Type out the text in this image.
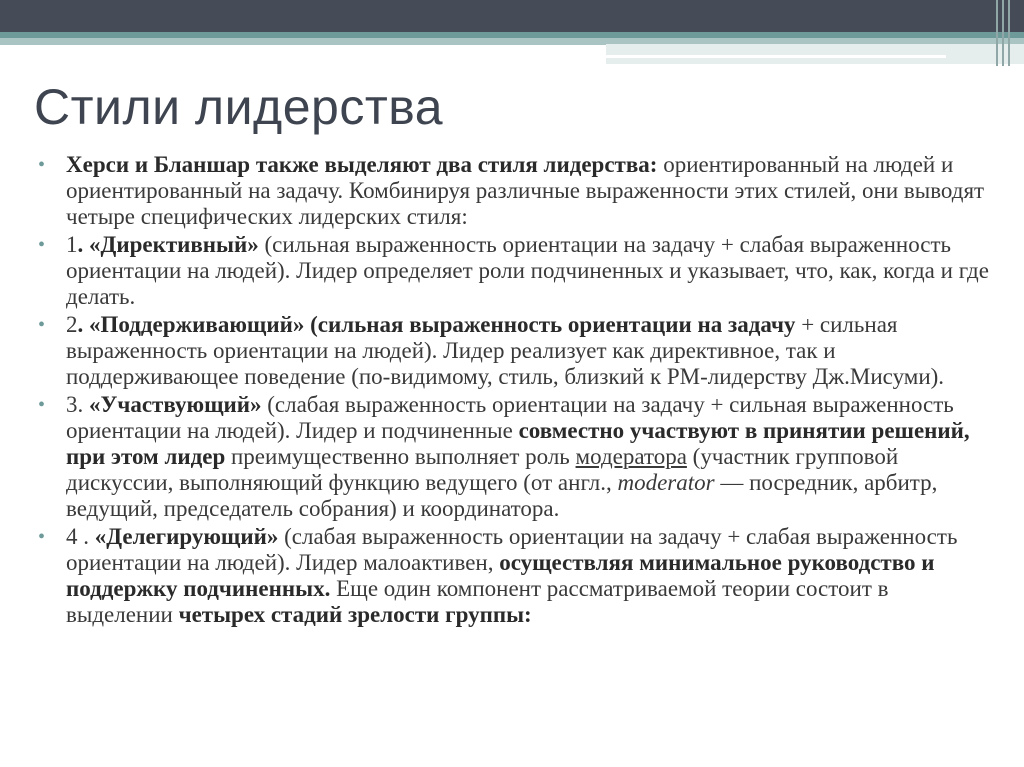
Стили лидерства
• Херси и Бланшар также выделяют два стиля лидерства: ориентированный на людей и ориентированный на задачу. Комбинируя различные выраженности этих стилей, они выводят четыре специфических лидерских стиля:
• 1. «Директивный» (сильная выраженность ориентации на задачу + слабая выраженность ориентации на людей). Лидер определяет роли подчиненных и указывает, что, как, когда и где делать.
• 2. «Поддерживающий» (сильная выраженность ориентации на задачу + сильная выраженность ориентации на людей). Лидер реализует как директивное, так и поддерживающее поведение (по-видимому, стиль, близкий к РМ-лидерству Дж.Мисуми).
• 3. «Участвующий» (слабая выраженность ориентации на задачу + сильная выраженность ориентации на людей). Лидер и подчиненные совместно участвуют в принятии решений, при этом лидер преимущественно выполняет роль модератора (участник групповой дискуссии, выполняющий функцию ведущего (от англ., moderator — посредник, арбитр, ведущий, председатель собрания) и координатора.
• 4 . «Делегирующий» (слабая выраженность ориентации на задачу + слабая выраженность ориентации на людей). Лидер малоактивен, осуществляя минимальное руководство и поддержку подчиненных. Еще один компонент рассматриваемой теории состоит в выделении четырех стадий зрелости группы:
